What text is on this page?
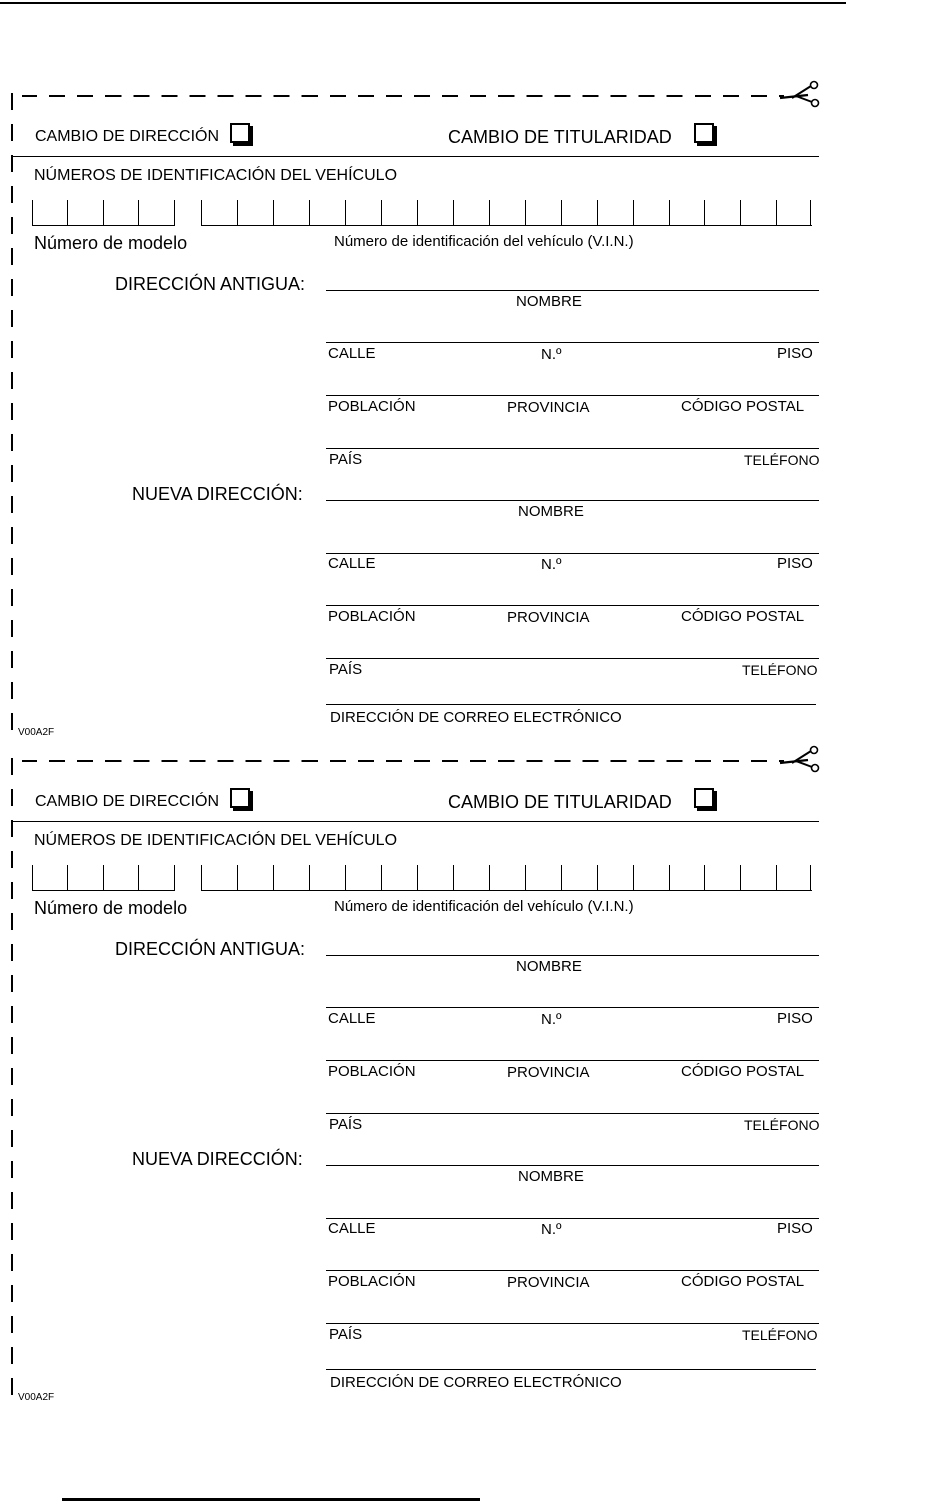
CAMBIO DE DIRECCIÓN	CAMBIO DE TITULARIDAD
NÚMEROS DE IDENTIFICACIÓN DEL VEHÍCULO
Número de modelo	Número de identificación del vehículo (V.I.N.)
DIRECCIÓN ANTIGUA:
NOMBRE
CALLE	N.º	PISO
POBLACIÓN	PROVINCIA	CÓDIGO POSTAL
PAÍS	TELÉFONO
NUEVA DIRECCIÓN:
NOMBRE
CALLE	N.º	PISO
POBLACIÓN	PROVINCIA	CÓDIGO POSTAL
PAÍS	TELÉFONO
DIRECCIÓN DE CORREO ELECTRÓNICO
V00A2F
CAMBIO DE DIRECCIÓN	CAMBIO DE TITULARIDAD
NÚMEROS DE IDENTIFICACIÓN DEL VEHÍCULO
Número de modelo	Número de identificación del vehículo (V.I.N.)
DIRECCIÓN ANTIGUA:
NOMBRE
CALLE	N.º	PISO
POBLACIÓN	PROVINCIA	CÓDIGO POSTAL
PAÍS	TELÉFONO
NUEVA DIRECCIÓN:
NOMBRE
CALLE	N.º	PISO
POBLACIÓN	PROVINCIA	CÓDIGO POSTAL
PAÍS	TELÉFONO
DIRECCIÓN DE CORREO ELECTRÓNICO
V00A2F
